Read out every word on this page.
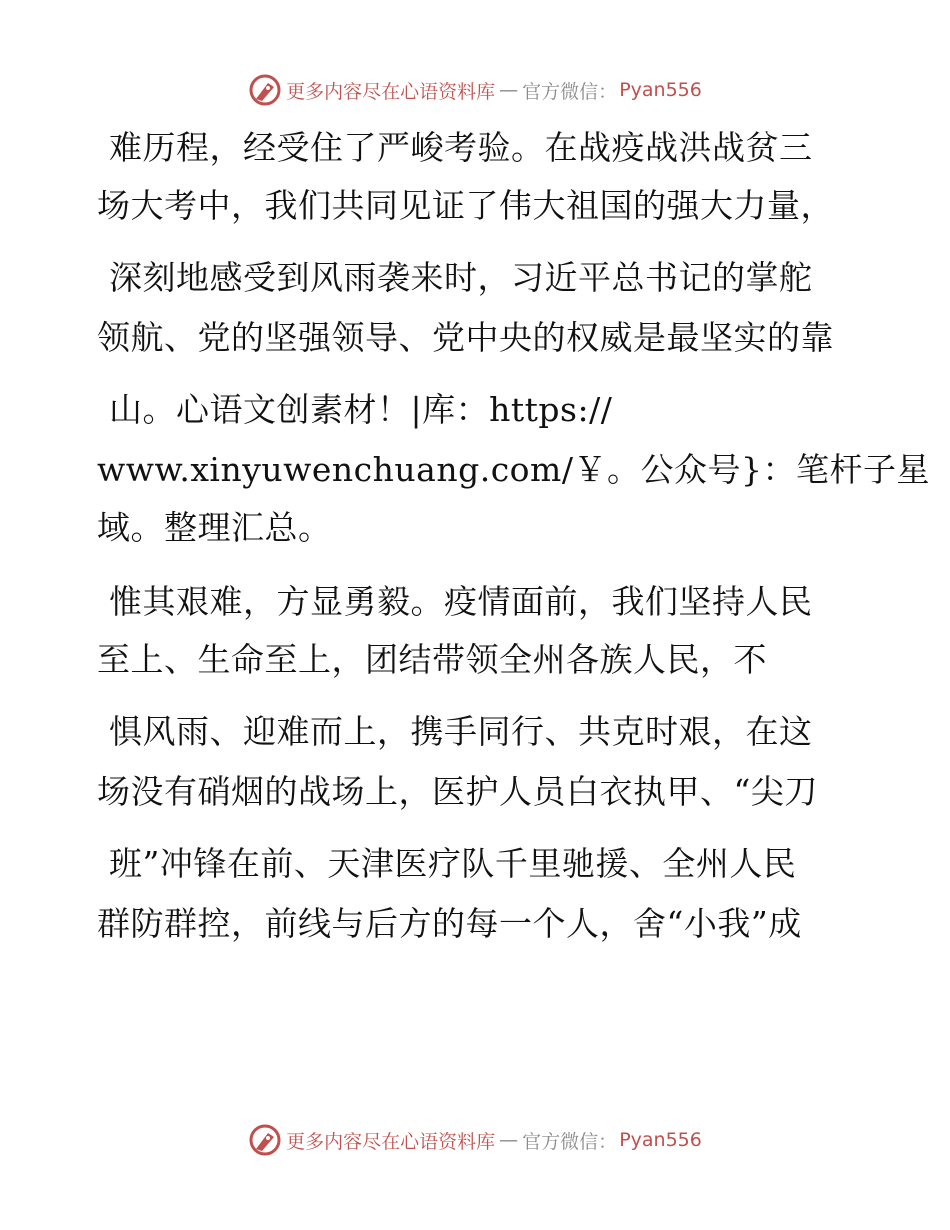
更多内容尽在心语资料库 — 官方微信： Pyan556
难历程，经受住了严峻考验。在战疫战洪战贫三
场大考中，我们共同见证了伟大祖国的强大力量，
深刻地感受到风雨袭来时，习近平总书记的掌舵
领航、党的坚强领导、党中央的权威是最坚实的靠
山。心语文创素材！|库：https://
www.xinyuwenchuang.com/￥。公众号}：笔杆子星
域。整理汇总。
惟其艰难，方显勇毅。疫情面前，我们坚持人民
至上、生命至上，团结带领全州各族人民，不
惧风雨、迎难而上，携手同行、共克时艰，在这
场没有硝烟的战场上，医护人员白衣执甲、“尖刀
班”冲锋在前、天津医疗队千里驰援、全州人民
群防群控，前线与后方的每一个人，舍“小我”成
更多内容尽在心语资料库 — 官方微信： Pyan556
